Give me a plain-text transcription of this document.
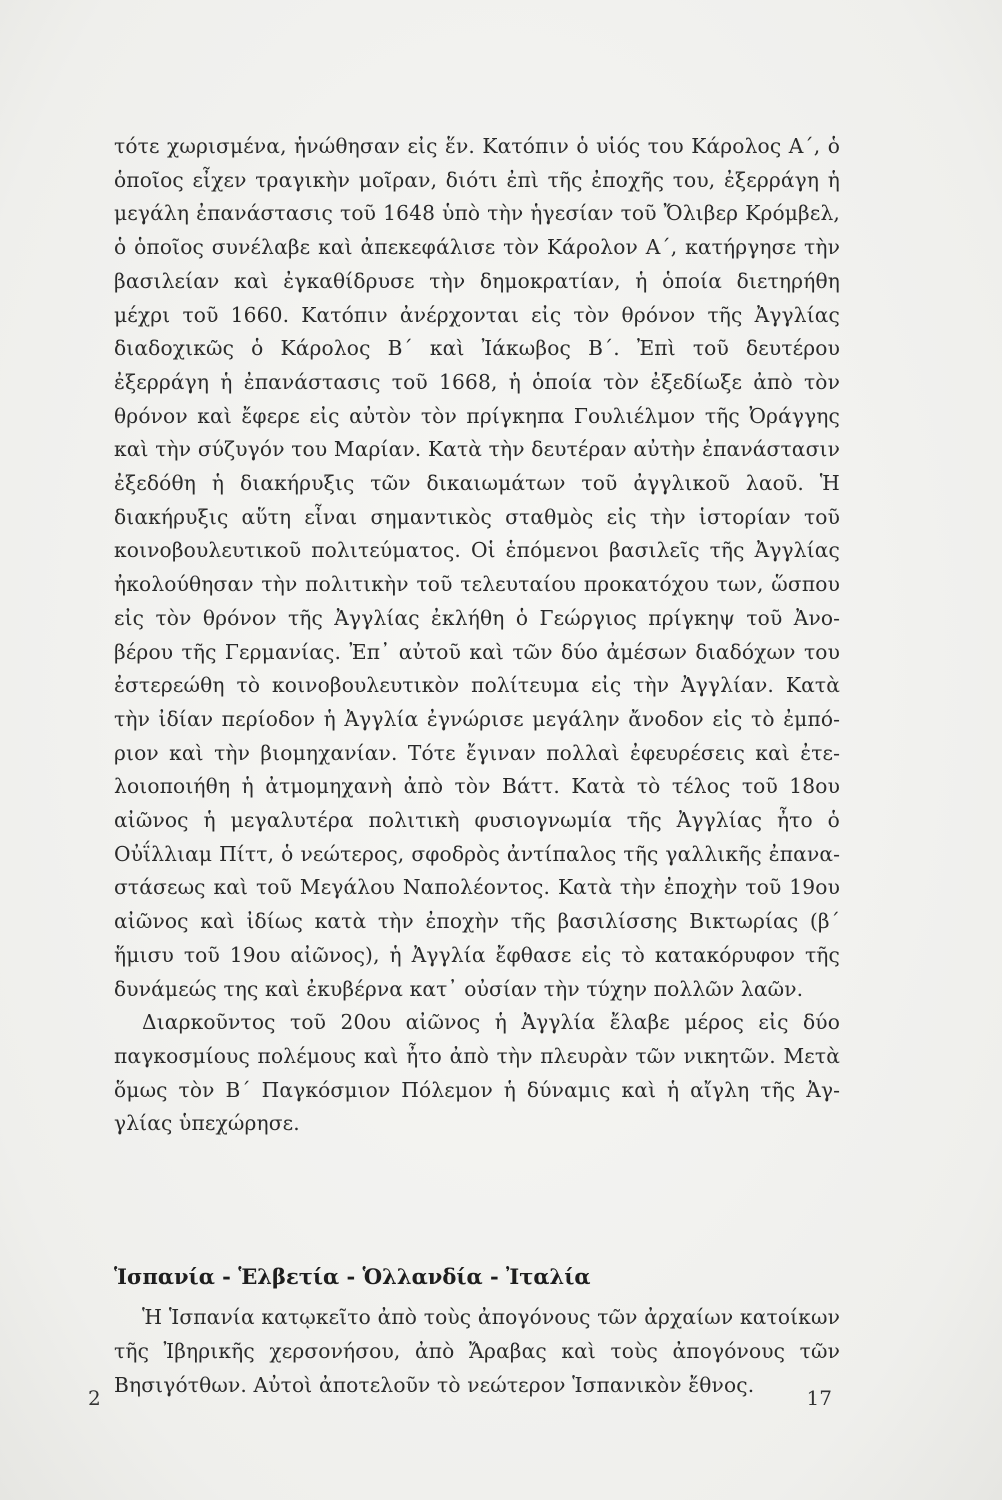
τότε χωρισμένα, ἡνώθησαν εἰς ἕν. Κατόπιν ὁ υἱός του Κάρολος Α΄, ὁ ὁποῖος εἶχεν τραγικὴν μοῖραν, διότι ἐπὶ τῆς ἐποχῆς του, ἐξερράγη ἡ μεγάλη ἐπανάστασις τοῦ 1648 ὑπὸ τὴν ἡγεσίαν τοῦ Ὄλιβερ Κρόμβελ, ὁ ὁποῖος συνέλαβε καὶ ἀπεκεφάλισε τὸν Κάρολον Α΄, κατήργησε τὴν βασιλείαν καὶ ἐγκαθίδρυσε τὴν δημοκρατίαν, ἡ ὁποία διετηρήθη μέχρι τοῦ 1660. Κατόπιν ἀνέρχονται εἰς τὸν θρόνον τῆς Ἀγγλίας διαδοχικῶς ὁ Κάρολος Β΄ καὶ Ἰάκωβος Β΄. Ἐπὶ τοῦ δευτέρου ἐξερράγη ἡ ἐπανάστασις τοῦ 1668, ἡ ὁποία τὸν ἐξεδίωξε ἀπὸ τὸν θρόνον καὶ ἔφερε εἰς αὐτὸν τὸν πρίγκηπα Γουλιέλμον τῆς Ὀράγγης καὶ τὴν σύζυγόν του Μαρίαν. Κατὰ τὴν δευτέραν αὐτὴν ἐπανάστασιν ἐξεδόθη ἡ διακήρυξις τῶν δικαιωμάτων τοῦ ἀγγλικοῦ λαοῦ. Ἡ διακήρυξις αὕτη εἶναι σημαντικὸς σταθμὸς εἰς τὴν ἱστορίαν τοῦ κοινοβουλευτικοῦ πολιτεύματος. Οἱ ἑπόμενοι βασιλεῖς τῆς Ἀγγλίας ἠκολούθησαν τὴν πολιτικὴν τοῦ τελευταίου προκατόχου των, ὥσπου εἰς τὸν θρόνον τῆς Ἀγγλίας ἐκλήθη ὁ Γεώργιος πρίγκηψ τοῦ Ἀνοβέρου τῆς Γερμανίας. Ἐπ᾽ αὐτοῦ καὶ τῶν δύο ἀμέσων διαδόχων του ἐστερεώθη τὸ κοινοβουλευτικὸν πολίτευμα εἰς τὴν Ἀγγλίαν. Κατὰ τὴν ἰδίαν περίοδον ἡ Ἀγγλία ἐγνώρισε μεγάλην ἄνοδον εἰς τὸ ἐμπόριον καὶ τὴν βιομηχανίαν. Τότε ἔγιναν πολλαὶ ἐφευρέσεις καὶ ἐτελοιοποιήθη ἡ ἀτμομηχανὴ ἀπὸ τὸν Βάττ. Κατὰ τὸ τέλος τοῦ 18ου αἰῶνος ἡ μεγαλυτέρα πολιτικὴ φυσιογνωμία τῆς Ἀγγλίας ἦτο ὁ Οὐΐλλιαμ Πίττ, ὁ νεώτερος, σφοδρὸς ἀντίπαλος τῆς γαλλικῆς ἐπαναστάσεως καὶ τοῦ Μεγάλου Ναπολέοντος. Κατὰ τὴν ἐποχὴν τοῦ 19ου αἰῶνος καὶ ἰδίως κατὰ τὴν ἐποχὴν τῆς βασιλίσσης Βικτωρίας (β΄ ἥμισυ τοῦ 19ου αἰῶνος), ἡ Ἀγγλία ἔφθασε εἰς τὸ κατακόρυφον τῆς δυνάμεώς της καὶ ἐκυβέρνα κατ᾽ οὐσίαν τὴν τύχην πολλῶν λαῶν.

Διαρκοῦντος τοῦ 20ου αἰῶνος ἡ Ἀγγλία ἔλαβε μέρος εἰς δύο παγκοσμίους πολέμους καὶ ἦτο ἀπὸ τὴν πλευρὰν τῶν νικητῶν. Μετὰ ὅμως τὸν Β΄ Παγκόσμιον Πόλεμον ἡ δύναμις καὶ ἡ αἴγλη τῆς Ἀγγλίας ὑπεχώρησε.

Ἱσπανία - Ἑλβετία - Ὁλλανδία - Ἰταλία

Ἡ Ἱσπανία κατῳκεῖτο ἀπὸ τοὺς ἀπογόνους τῶν ἀρχαίων κατοίκων τῆς Ἰβηρικῆς χερσονήσου, ἀπὸ Ἄραβας καὶ τοὺς ἀπογόνους τῶν Βησιγότθων. Αὐτοὶ ἀποτελοῦν τὸ νεώτερον Ἱσπανικὸν ἔθνος.

2	17
